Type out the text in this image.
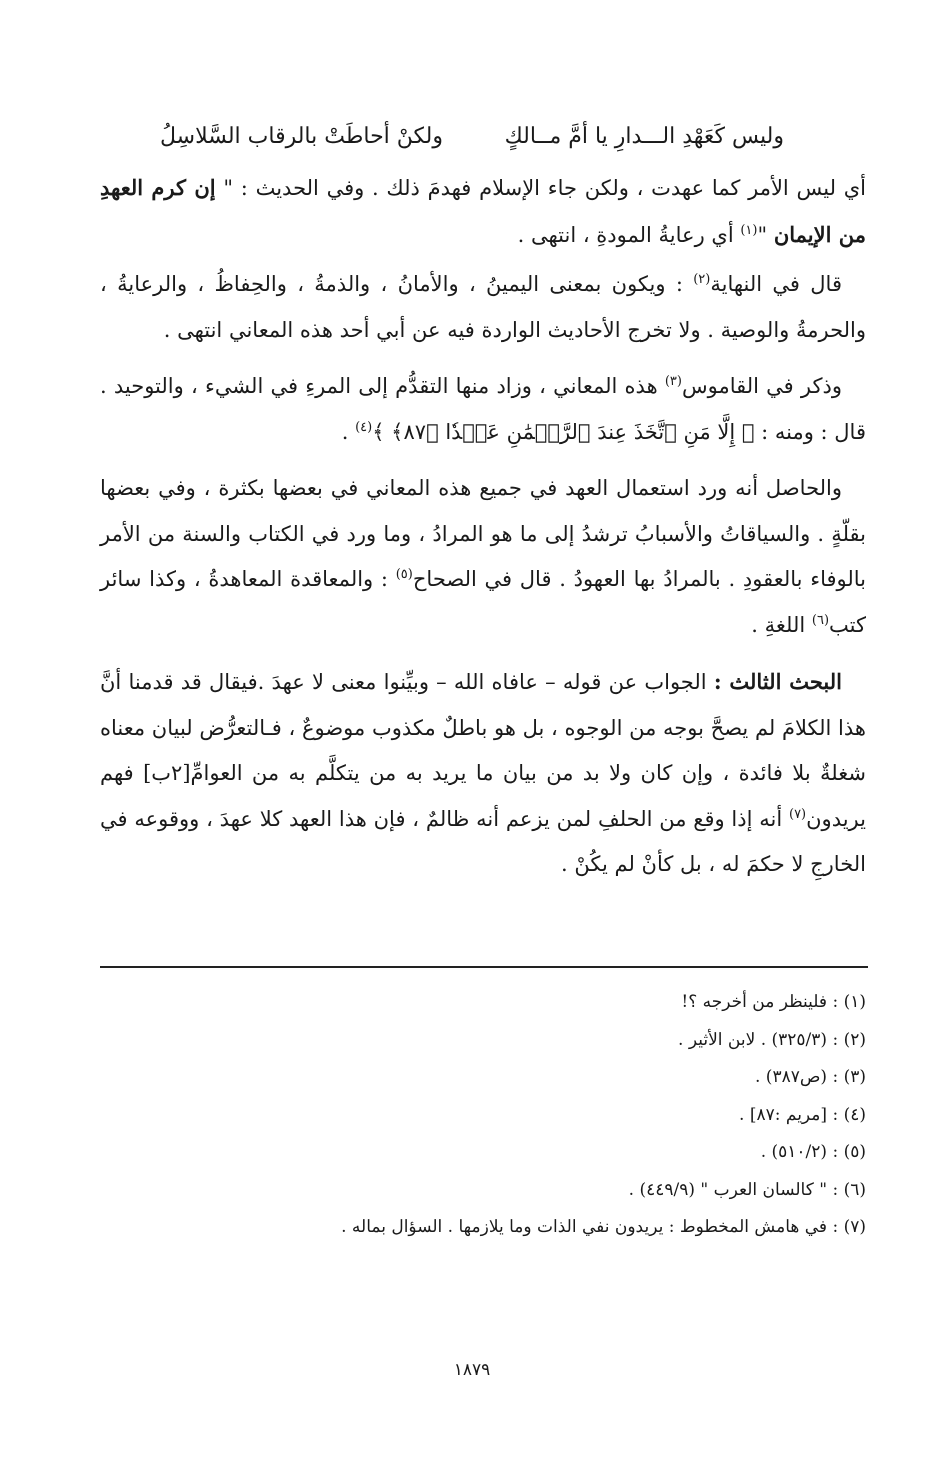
وليس كَعَهْدِ الـــدارِ يا أمَّ مــالكٍ
ولكنْ أحاطَتْ بالرقاب السَّلاسِلُ

أي ليس الأمر كما عهدت ، ولكن جاء الإسلام فهدمَ ذلك . وفي الحديث : " إن كرم العهدِ من الإيمان "$^{(١)}$ أي رعايةُ المودةِ ، انتهى .

قال في النهاية$^{(٢)}$ : ويكون بمعنى اليمينُ ، والأمانُ ، والذمةُ ، والحِفاظُ ، والرعايةُ ، والحرمةُ والوصية . ولا تخرج الأحاديث الواردة فيه عن أبي أحد هذه المعاني انتهى .

وذكر في القاموس$^{(٣)}$ هذه المعاني ، وزاد منها التقدُّم إلى المرءِ في الشيء ، والتوحيد . قال : ومنه : ﴿ إِلَّا مَنِ ٱتَّخَذَ عِندَ ٱلرَّحۡمَٰنِ عَهۡدٗا ﴿٨٧﴾ ﴾$^{(٤)}$ .

والحاصل أنه ورد استعمال العهد في جميع هذه المعاني في بعضها بكثرة ، وفي بعضها بقلّةٍ . والسياقاتُ والأسبابُ ترشدُ إلى ما هو المرادُ ، وما ورد في الكتاب والسنة من الأمر بالوفاء بالعقودِ . بالمرادُ بها العهودُ . قال في الصحاح$^{(٥)}$ : والمعاقدة المعاهدةُ ، وكذا سائر كتب$^{(٦)}$ اللغةِ .

البحث الثالث : الجواب عن قوله – عافاه الله – وبيِّنوا معنى لا عهدَ .فيقال قد قدمنا أنَّ هذا الكلامَ لم يصحَّ بوجه من الوجوه ، بل هو باطلٌ مكذوب موضوعٌ ، فـالتعرُّض لبيان معناه شغلةٌ بلا فائدة ، وإن كان ولا بد من بيان ما يريد به من يتكلَّم به من العوامِّ[٢ب] فهم يريدون$^{(٧)}$ أنه إذا وقع من الحلفِ لمن يزعم أنه ظالمٌ ، فإن هذا العهد كلا عهدَ ، ووقوعه في الخارجِ لا حكمَ له ، بل كأنْ لم يكُنْ .

(١) : فلينظر من أخرجه ؟!
(٢) : (٣٢٥/٣) . لابن الأثير .
(٣) : (ص٣٨٧) .
(٤) : [مريم :٨٧] .
(٥) : (٥١٠/٢) .
(٦) : " كالسان العرب " (٤٤٩/٩) .
(٧) : في هامش المخطوط : يريدون نفي الذات وما يلازمها . السؤال بماله .
١٨٧٩
